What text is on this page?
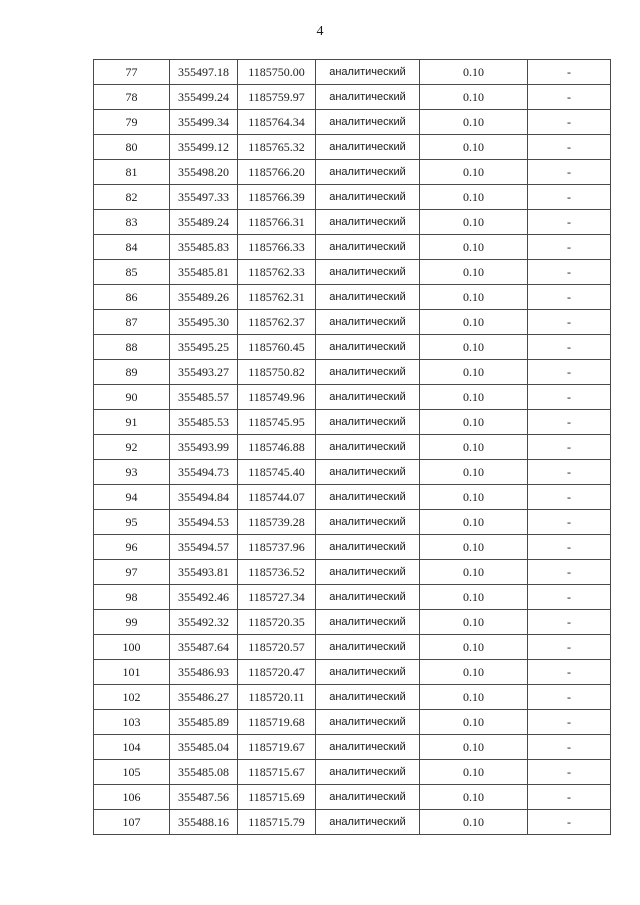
4
77	355497.18	1185750.00	аналитический	0.10	-
78	355499.24	1185759.97	аналитический	0.10	-
79	355499.34	1185764.34	аналитический	0.10	-
80	355499.12	1185765.32	аналитический	0.10	-
81	355498.20	1185766.20	аналитический	0.10	-
82	355497.33	1185766.39	аналитический	0.10	-
83	355489.24	1185766.31	аналитический	0.10	-
84	355485.83	1185766.33	аналитический	0.10	-
85	355485.81	1185762.33	аналитический	0.10	-
86	355489.26	1185762.31	аналитический	0.10	-
87	355495.30	1185762.37	аналитический	0.10	-
88	355495.25	1185760.45	аналитический	0.10	-
89	355493.27	1185750.82	аналитический	0.10	-
90	355485.57	1185749.96	аналитический	0.10	-
91	355485.53	1185745.95	аналитический	0.10	-
92	355493.99	1185746.88	аналитический	0.10	-
93	355494.73	1185745.40	аналитический	0.10	-
94	355494.84	1185744.07	аналитический	0.10	-
95	355494.53	1185739.28	аналитический	0.10	-
96	355494.57	1185737.96	аналитический	0.10	-
97	355493.81	1185736.52	аналитический	0.10	-
98	355492.46	1185727.34	аналитический	0.10	-
99	355492.32	1185720.35	аналитический	0.10	-
100	355487.64	1185720.57	аналитический	0.10	-
101	355486.93	1185720.47	аналитический	0.10	-
102	355486.27	1185720.11	аналитический	0.10	-
103	355485.89	1185719.68	аналитический	0.10	-
104	355485.04	1185719.67	аналитический	0.10	-
105	355485.08	1185715.67	аналитический	0.10	-
106	355487.56	1185715.69	аналитический	0.10	-
107	355488.16	1185715.79	аналитический	0.10	-
